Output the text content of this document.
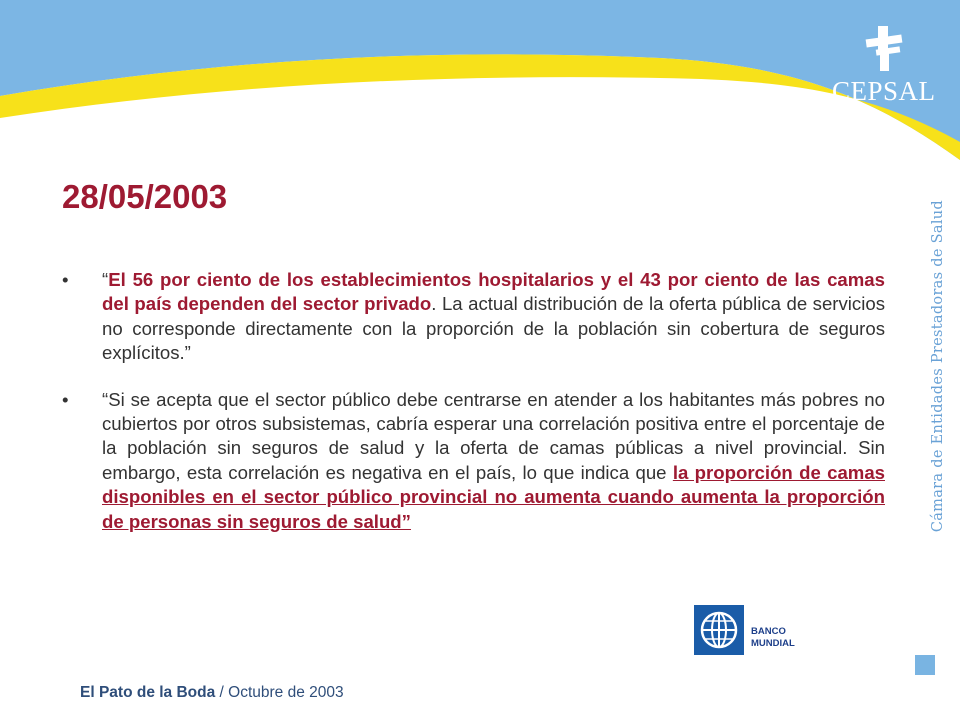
CEPSAL
Cámara de Entidades Prestadoras de Salud
28/05/2003
•	“El 56 por ciento de los establecimientos hospitalarios y el 43 por ciento de las camas del país dependen del sector privado. La actual distribución de la oferta pública de servicios no corresponde directamente con la proporción de la población sin cobertura de seguros explícitos.”
•	“Si se acepta que el sector público debe centrarse en atender a los habitantes más pobres no cubiertos por otros subsistemas, cabría esperar una correlación positiva entre el porcentaje de la población sin seguros de salud y la oferta de camas públicas a nivel provincial. Sin embargo, esta correlación es negativa en el país, lo que indica que la proporción de camas disponibles en el sector público provincial no aumenta cuando aumenta la proporción de personas sin seguros de salud”
BANCO
MUNDIAL
El Pato de la Boda / Octubre de 2003
